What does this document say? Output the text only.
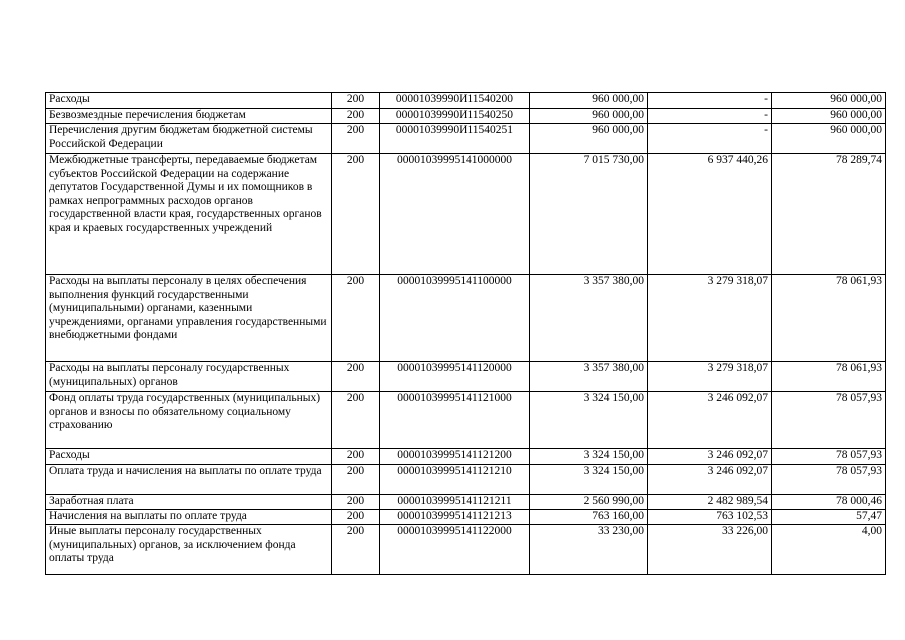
Расходы	200	00001039990И11540200	960 000,00	-	960 000,00
Безвозмездные перечисления бюджетам	200	00001039990И11540250	960 000,00	-	960 000,00
Перечисления другим бюджетам бюджетной системы Российской Федерации	200	00001039990И11540251	960 000,00	-	960 000,00
Межбюджетные трансферты, передаваемые бюджетам субъектов Российской Федерации на содержание депутатов Государственной Думы и их помощников в рамках непрограммных расходов органов государственной власти края, государственных органов края и краевых государственных учреждений	200	00001039995141000000	7 015 730,00	6 937 440,26	78 289,74
Расходы на выплаты персоналу в целях обеспечения выполнения функций государственными (муниципальными) органами, казенными учреждениями, органами управления государственными внебюджетными фондами	200	00001039995141100000	3 357 380,00	3 279 318,07	78 061,93
Расходы на выплаты персоналу государственных (муниципальных) органов	200	00001039995141120000	3 357 380,00	3 279 318,07	78 061,93
Фонд оплаты труда государственных (муниципальных) органов и взносы по обязательному социальному страхованию	200	00001039995141121000	3 324 150,00	3 246 092,07	78 057,93
Расходы	200	00001039995141121200	3 324 150,00	3 246 092,07	78 057,93
Оплата труда и начисления на выплаты по оплате труда	200	00001039995141121210	3 324 150,00	3 246 092,07	78 057,93
Заработная плата	200	00001039995141121211	2 560 990,00	2 482 989,54	78 000,46
Начисления на выплаты по оплате труда	200	00001039995141121213	763 160,00	763 102,53	57,47
Иные выплаты персоналу государственных (муниципальных) органов, за исключением фонда оплаты труда	200	00001039995141122000	33 230,00	33 226,00	4,00
